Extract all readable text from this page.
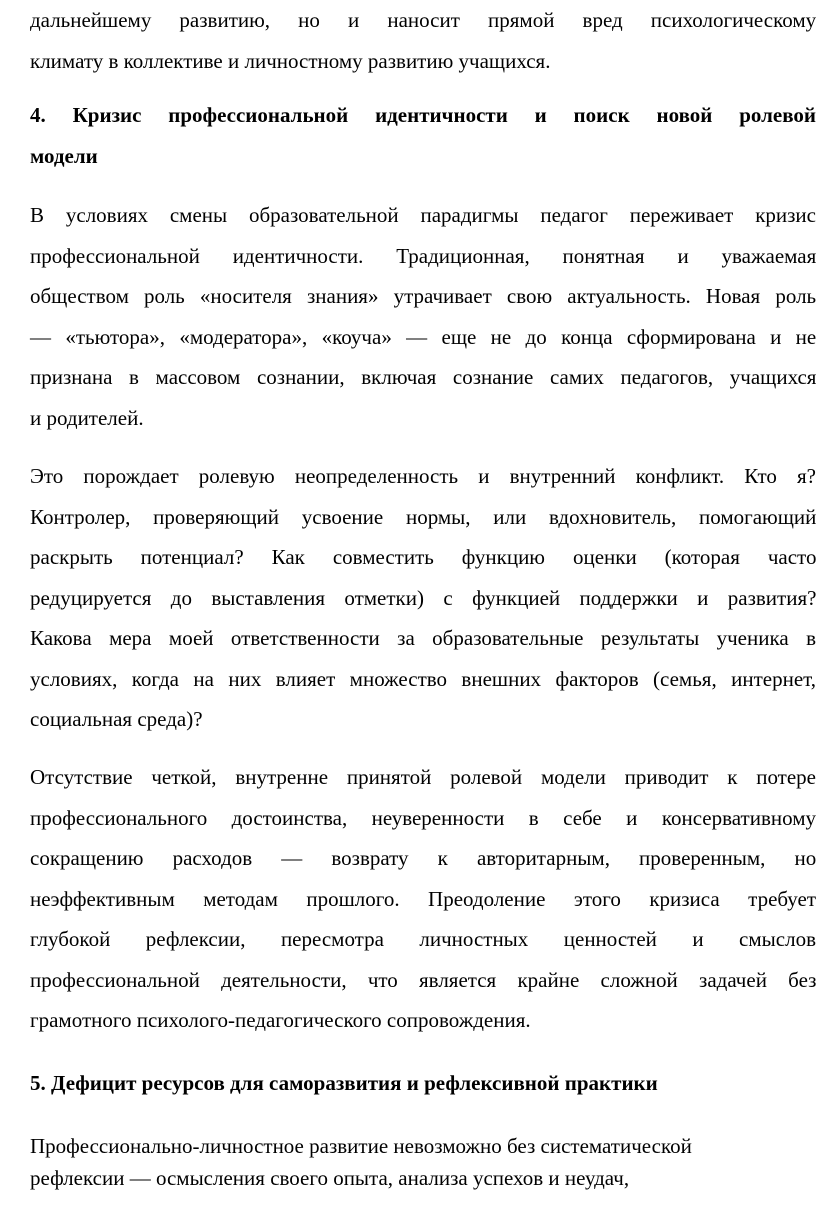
дальнейшему развитию, но и наносит прямой вред психологическому
климату в коллективе и личностному развитию учащихся.

4. Кризис профессиональной идентичности и поиск новой ролевой
модели

В условиях смены образовательной парадигмы педагог переживает кризис
профессиональной идентичности. Традиционная, понятная и уважаемая
обществом роль «носителя знания» утрачивает свою актуальность. Новая роль
— «тьютора», «модератора», «коуча» — еще не до конца сформирована и не
признана в массовом сознании, включая сознание самих педагогов, учащихся
и родителей.

Это порождает ролевую неопределенность и внутренний конфликт. Кто я?
Контролер, проверяющий усвоение нормы, или вдохновитель, помогающий
раскрыть потенциал? Как совместить функцию оценки (которая часто
редуцируется до выставления отметки) с функцией поддержки и развития?
Какова мера моей ответственности за образовательные результаты ученика в
условиях, когда на них влияет множество внешних факторов (семья, интернет,
социальная среда)?

Отсутствие четкой, внутренне принятой ролевой модели приводит к потере
профессионального достоинства, неуверенности в себе и консервативному
сокращению расходов — возврату к авторитарным, проверенным, но
неэффективным методам прошлого. Преодоление этого кризиса требует
глубокой рефлексии, пересмотра личностных ценностей и смыслов
профессиональной деятельности, что является крайне сложной задачей без
грамотного психолого-педагогического сопровождения.

5. Дефицит ресурсов для саморазвития и рефлексивной практики

Профессионально-личностное развитие невозможно без систематической
рефлексии — осмысления своего опыта, анализа успехов и неудач,
